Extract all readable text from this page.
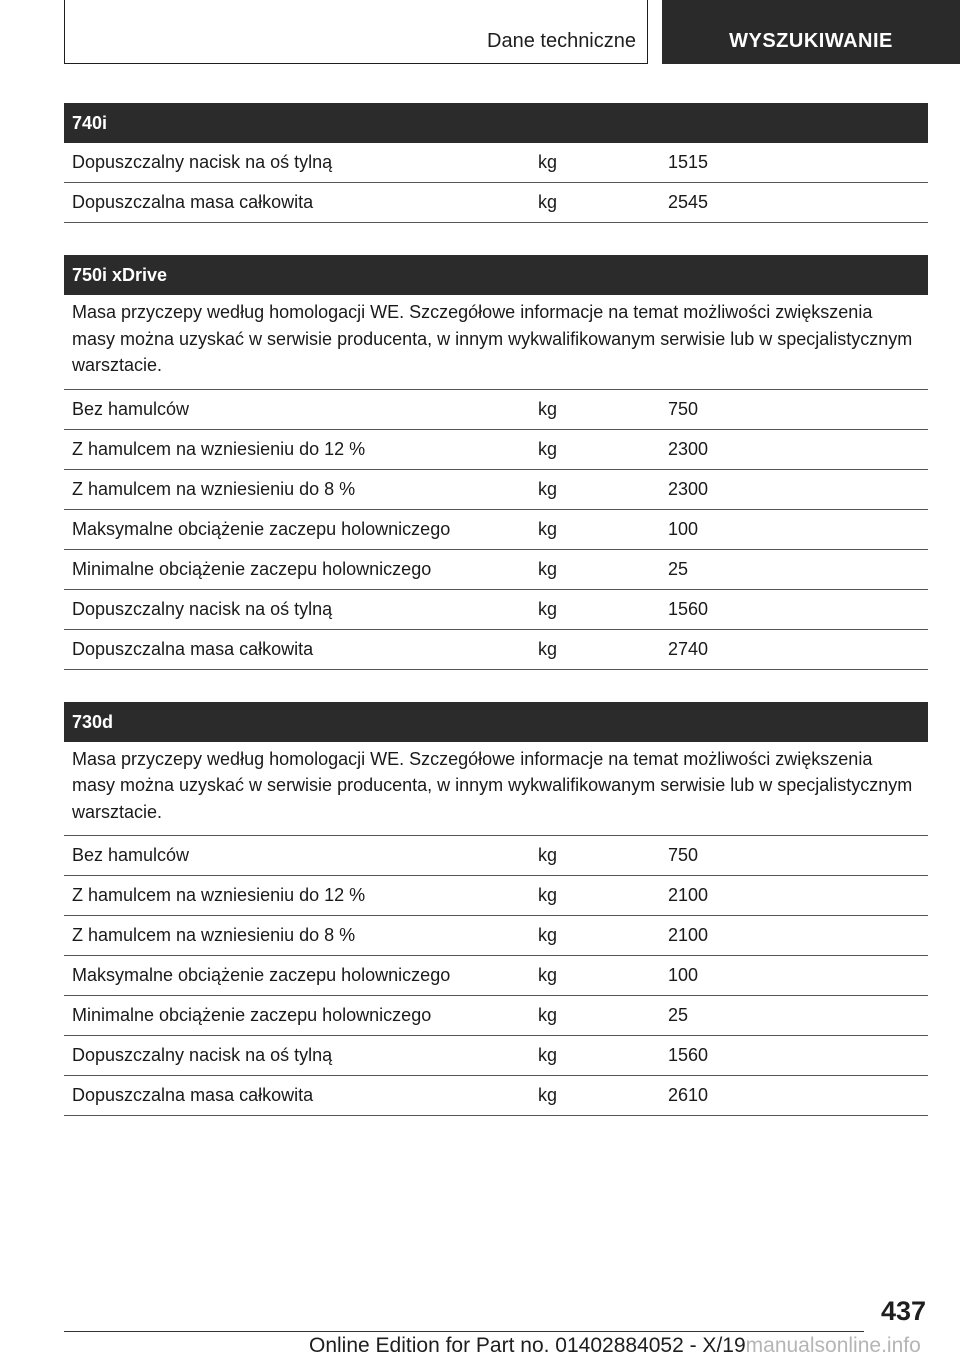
Dane techniczne	WYSZUKIWANIE
740i
Dopuszczalny nacisk na oś tylną	kg	1515
Dopuszczalna masa całkowita	kg	2545
750i xDrive
Masa przyczepy według homologacji WE. Szczegółowe informacje na temat możliwości zwiększenia masy można uzyskać w serwisie producenta, w innym wykwalifikowanym serwisie lub w specjalistycznym warsztacie.
Bez hamulców	kg	750
Z hamulcem na wzniesieniu do 12 %	kg	2300
Z hamulcem na wzniesieniu do 8 %	kg	2300
Maksymalne obciążenie zaczepu holowniczego	kg	100
Minimalne obciążenie zaczepu holowniczego	kg	25
Dopuszczalny nacisk na oś tylną	kg	1560
Dopuszczalna masa całkowita	kg	2740
730d
Masa przyczepy według homologacji WE. Szczegółowe informacje na temat możliwości zwiększenia masy można uzyskać w serwisie producenta, w innym wykwalifikowanym serwisie lub w specjalistycznym warsztacie.
Bez hamulców	kg	750
Z hamulcem na wzniesieniu do 12 %	kg	2100
Z hamulcem na wzniesieniu do 8 %	kg	2100
Maksymalne obciążenie zaczepu holowniczego	kg	100
Minimalne obciążenie zaczepu holowniczego	kg	25
Dopuszczalny nacisk na oś tylną	kg	1560
Dopuszczalna masa całkowita	kg	2610
437
Online Edition for Part no. 01402884052 - X/19manualsonline.info
